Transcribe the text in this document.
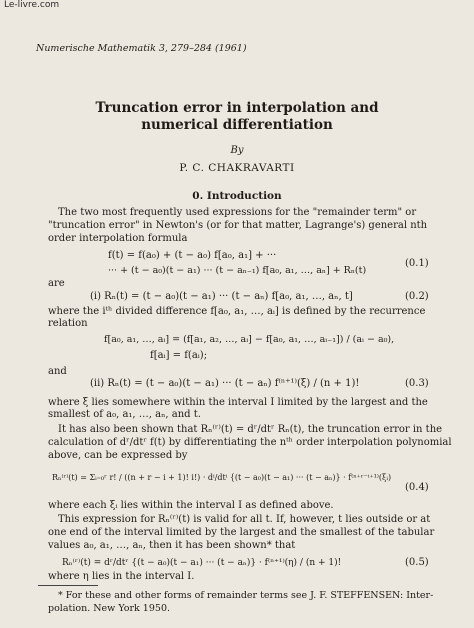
Le-livre.com
Numerische Mathematik 3, 279–284 (1961)
Truncation error in interpolation and
numerical differentiation
By
P. C. CHAKRAVARTI
0. Introduction
The two most frequently used expressions for the "remainder term" or
"truncation error" in Newton's (or for that matter, Lagrange's) general nth
order interpolation formula
f(t) = f(a₀) + (t − a₀) f[a₀, a₁] + ···
··· + (t − a₀)(t − a₁) ··· (t − aₙ₋₁) f[a₀, a₁, …, aₙ] + Rₙ(t)
(0.1)
are
(i) Rₙ(t) = (t − a₀)(t − a₁) ··· (t − aₙ) f[a₀, a₁, …, aₙ, t]	(0.2)
where the iᵗʰ divided difference f[a₀, a₁, …, aᵢ] is defined by the recurrence
relation
f[a₀, a₁, …, aᵢ] = (f[a₁, a₂, …, aᵢ] − f[a₀, a₁, …, aᵢ₋₁]) / (aᵢ − a₀),
f[aᵢ] = f(aᵢ);
and
(ii) Rₙ(t) = (t − a₀)(t − a₁) ··· (t − aₙ) f⁽ⁿ⁺¹⁾(ξ) / (n + 1)!	(0.3)
where ξ lies somewhere within the interval I limited by the largest and the
smallest of a₀, a₁, …, aₙ, and t.
It has also been shown that Rₙ⁽ʳ⁾(t) = dʳ/dtʳ Rₙ(t), the truncation error in the
calculation of dʳ/dtʳ f(t) by differentiating the nᵗʰ order interpolation polynomial
above, can be expressed by
Rₙ⁽ʳ⁾(t) = Σᵢ₌₀ʳ r! / ((n + r − i + 1)! i!) · dⁱ/dtⁱ {(t − a₀)(t − a₁) ··· (t − aₙ)} · f⁽ⁿ⁺ʳ⁻ⁱ⁺¹⁾(ξᵢ)
(0.4)
where each ξᵢ lies within the interval I as defined above.
This expression for Rₙ⁽ʳ⁾(t) is valid for all t. If, however, t lies outside or at
one end of the interval limited by the largest and the smallest of the tabular
values a₀, a₁, …, aₙ, then it has been shown* that
Rₙ⁽ʳ⁾(t) = dʳ/dtʳ {(t − a₀)(t − a₁) ··· (t − aₙ)} · f⁽ⁿ⁺¹⁾(η) / (n + 1)!	(0.5)
where η lies in the interval I.
* For these and other forms of remainder terms see J. F. STEFFENSEN: Inter-
polation. New York 1950.
